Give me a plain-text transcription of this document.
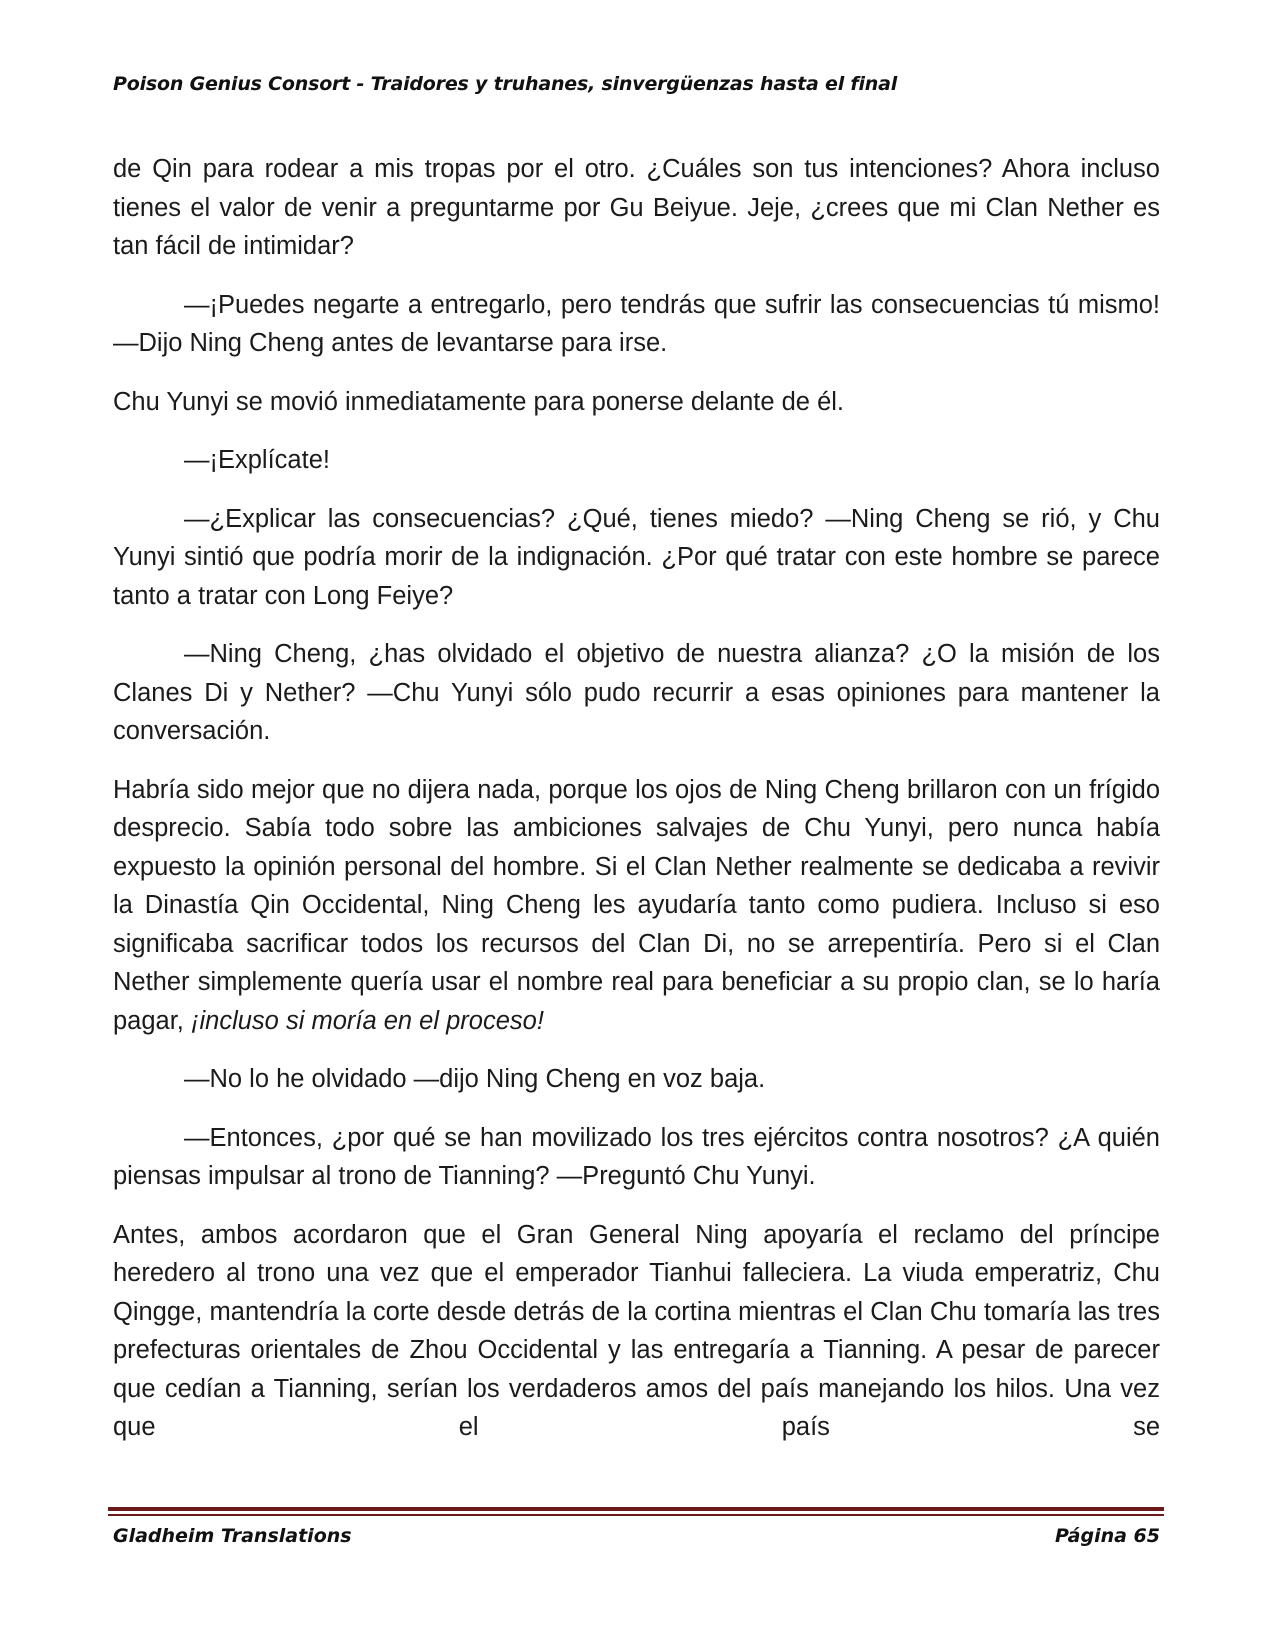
Poison Genius Consort - Traidores y truhanes, sinvergüenzas hasta el final

de Qin para rodear a mis tropas por el otro. ¿Cuáles son tus intenciones? Ahora incluso tienes el valor de venir a preguntarme por Gu Beiyue. Jeje, ¿crees que mi Clan Nether es tan fácil de intimidar?

—¡Puedes negarte a entregarlo, pero tendrás que sufrir las consecuencias tú mismo! —Dijo Ning Cheng antes de levantarse para irse.

Chu Yunyi se movió inmediatamente para ponerse delante de él.

—¡Explícate!

—¿Explicar las consecuencias? ¿Qué, tienes miedo? —Ning Cheng se rió, y Chu Yunyi sintió que podría morir de la indignación. ¿Por qué tratar con este hombre se parece tanto a tratar con Long Feiye?

—Ning Cheng, ¿has olvidado el objetivo de nuestra alianza? ¿O la misión de los Clanes Di y Nether? —Chu Yunyi sólo pudo recurrir a esas opiniones para mantener la conversación.

Habría sido mejor que no dijera nada, porque los ojos de Ning Cheng brillaron con un frígido desprecio. Sabía todo sobre las ambiciones salvajes de Chu Yunyi, pero nunca había expuesto la opinión personal del hombre. Si el Clan Nether realmente se dedicaba a revivir la Dinastía Qin Occidental, Ning Cheng les ayudaría tanto como pudiera. Incluso si eso significaba sacrificar todos los recursos del Clan Di, no se arrepentiría. Pero si el Clan Nether simplemente quería usar el nombre real para beneficiar a su propio clan, se lo haría pagar, ¡incluso si moría en el proceso!

—No lo he olvidado —dijo Ning Cheng en voz baja.

—Entonces, ¿por qué se han movilizado los tres ejércitos contra nosotros? ¿A quién piensas impulsar al trono de Tianning? —Preguntó Chu Yunyi.

Antes, ambos acordaron que el Gran General Ning apoyaría el reclamo del príncipe heredero al trono una vez que el emperador Tianhui falleciera. La viuda emperatriz, Chu Qingge, mantendría la corte desde detrás de la cortina mientras el Clan Chu tomaría las tres prefecturas orientales de Zhou Occidental y las entregaría a Tianning. A pesar de parecer que cedían a Tianning, serían los verdaderos amos del país manejando los hilos. Una vez que el país se

Gladheim Translations	Página 65
